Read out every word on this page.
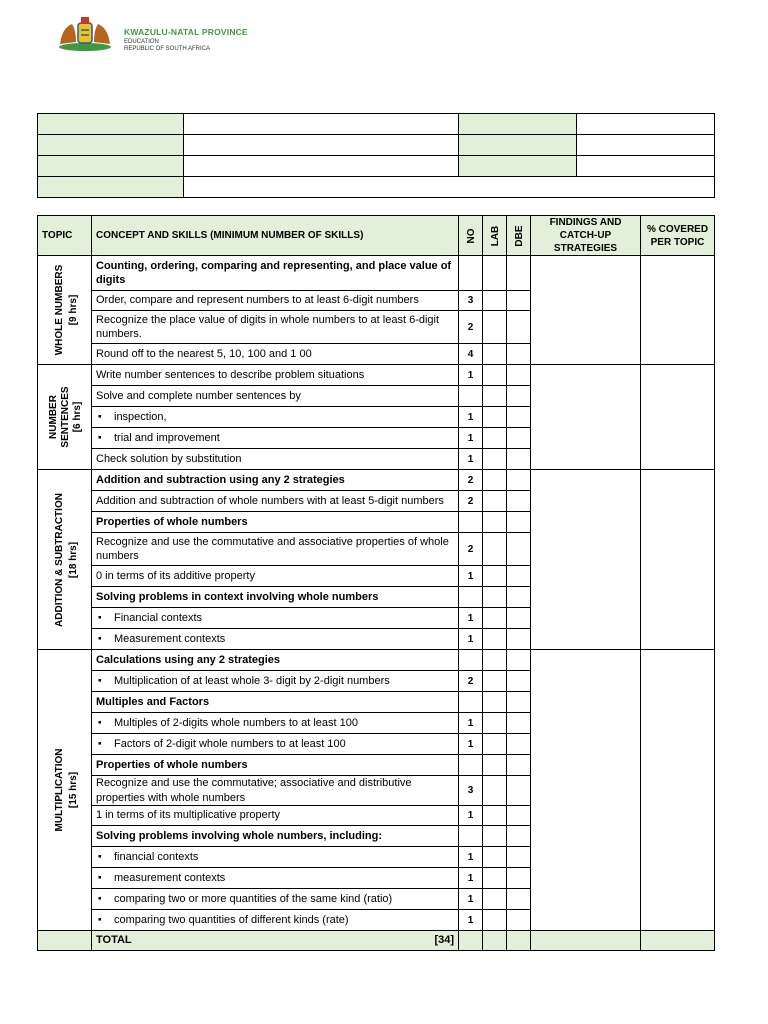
KWAZULU-NATAL PROVINCE
EDUCATION
REPUBLIC OF SOUTH AFRICA

TOPIC	CONCEPT AND SKILLS (MINIMUM NUMBER OF SKILLS)	NO	LAB	DBE	FINDINGS AND CATCH-UP STRATEGIES	% COVERED PER TOPIC

WHOLE NUMBERS [9 hrs]	Counting, ordering, comparing and representing, and place value of digits					
	Order, compare and represent numbers to at least 6-digit numbers	3				
	Recognize the place value of digits in whole numbers to at least 6-digit numbers.	2				
	Round off to the nearest 5, 10, 100 and 1 00	4				

NUMBER SENTENCES [6 hrs]	Write number sentences to describe problem situations	1				
	Solve and complete number sentences by					
	▪ inspection,	1				
	▪ trial and improvement	1				
	Check solution by substitution	1				

ADDITION & SUBTRACTION [18 hrs]	Addition and subtraction using any 2 strategies	2				
	Addition and subtraction of whole numbers with at least 5-digit numbers	2				
	Properties of whole numbers					
	Recognize and use the commutative and associative properties of whole numbers	2				
	0 in terms of its additive property	1				
	Solving problems in context involving whole numbers					
	▪ Financial contexts	1				
	▪ Measurement contexts	1				

MULTIPLICATION [15 hrs]	Calculations using any 2 strategies					
	▪ Multiplication of at least whole 3- digit by 2-digit numbers	2				
	Multiples and Factors					
	▪ Multiples of 2-digits whole numbers to at least 100	1				
	▪ Factors of 2-digit whole numbers to at least 100	1				
	Properties of whole numbers					
	Recognize and use the commutative; associative and distributive properties with whole numbers	3				
	1 in terms of its multiplicative property	1				
	Solving problems involving whole numbers, including:					
	▪ financial contexts	1				
	▪ measurement contexts	1				
	▪ comparing two or more quantities of the same kind (ratio)	1				
	▪ comparing two quantities of different kinds (rate)	1				
	TOTAL [34]					
